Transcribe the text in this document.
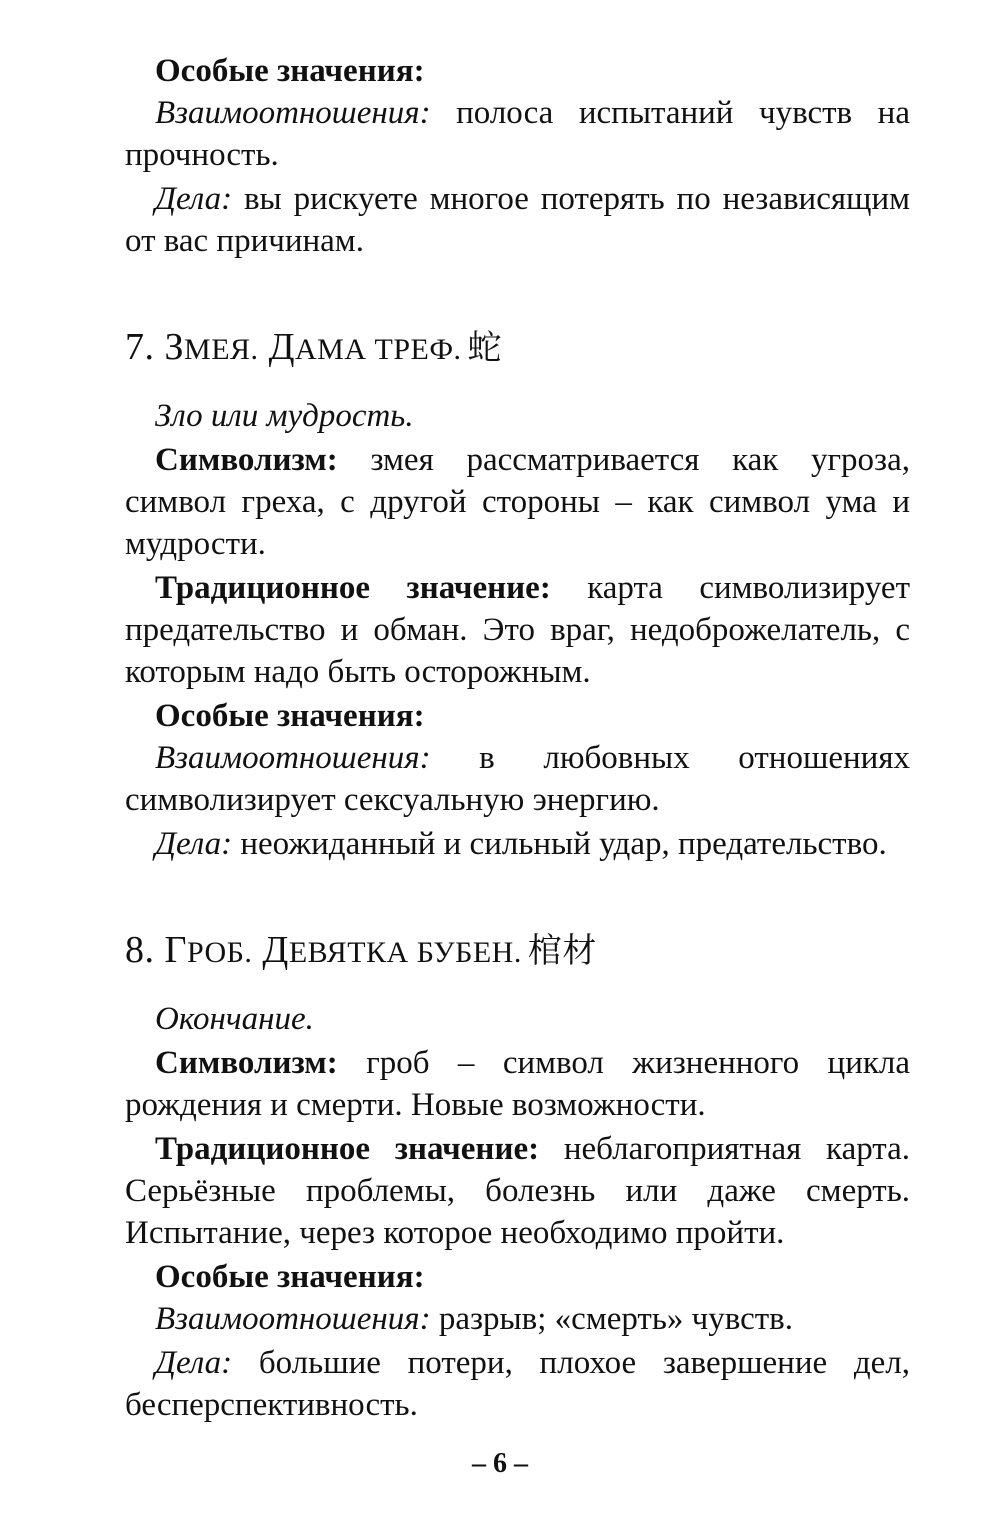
Особые значения:

Взаимоотношения: полоса испытаний чувств на прочность.

Дела: вы рискуете многое потерять по независящим от вас причинам.

7. ЗМЕЯ. ДАМА ТРЕФ. 蛇

Зло или мудрость.

Символизм: змея рассматривается как угроза, символ греха, с другой стороны – как символ ума и мудрости.

Традиционное значение: карта символизирует предательство и обман. Это враг, недоброжелатель, с которым надо быть осторожным.

Особые значения:

Взаимоотношения: в любовных отношениях символизирует сексуальную энергию.

Дела: неожиданный и сильный удар, предательство.

8. ГРОБ. ДЕВЯТКА БУБЕН. 棺材

Окончание.

Символизм: гроб – символ жизненного цикла рождения и смерти. Новые возможности.

Традиционное значение: неблагоприятная карта. Серьёзные проблемы, болезнь или даже смерть. Испытание, через которое необходимо пройти.

Особые значения:

Взаимоотношения: разрыв; «смерть» чувств.

Дела: большие потери, плохое завершение дел, бесперспективность.

– 6 –
